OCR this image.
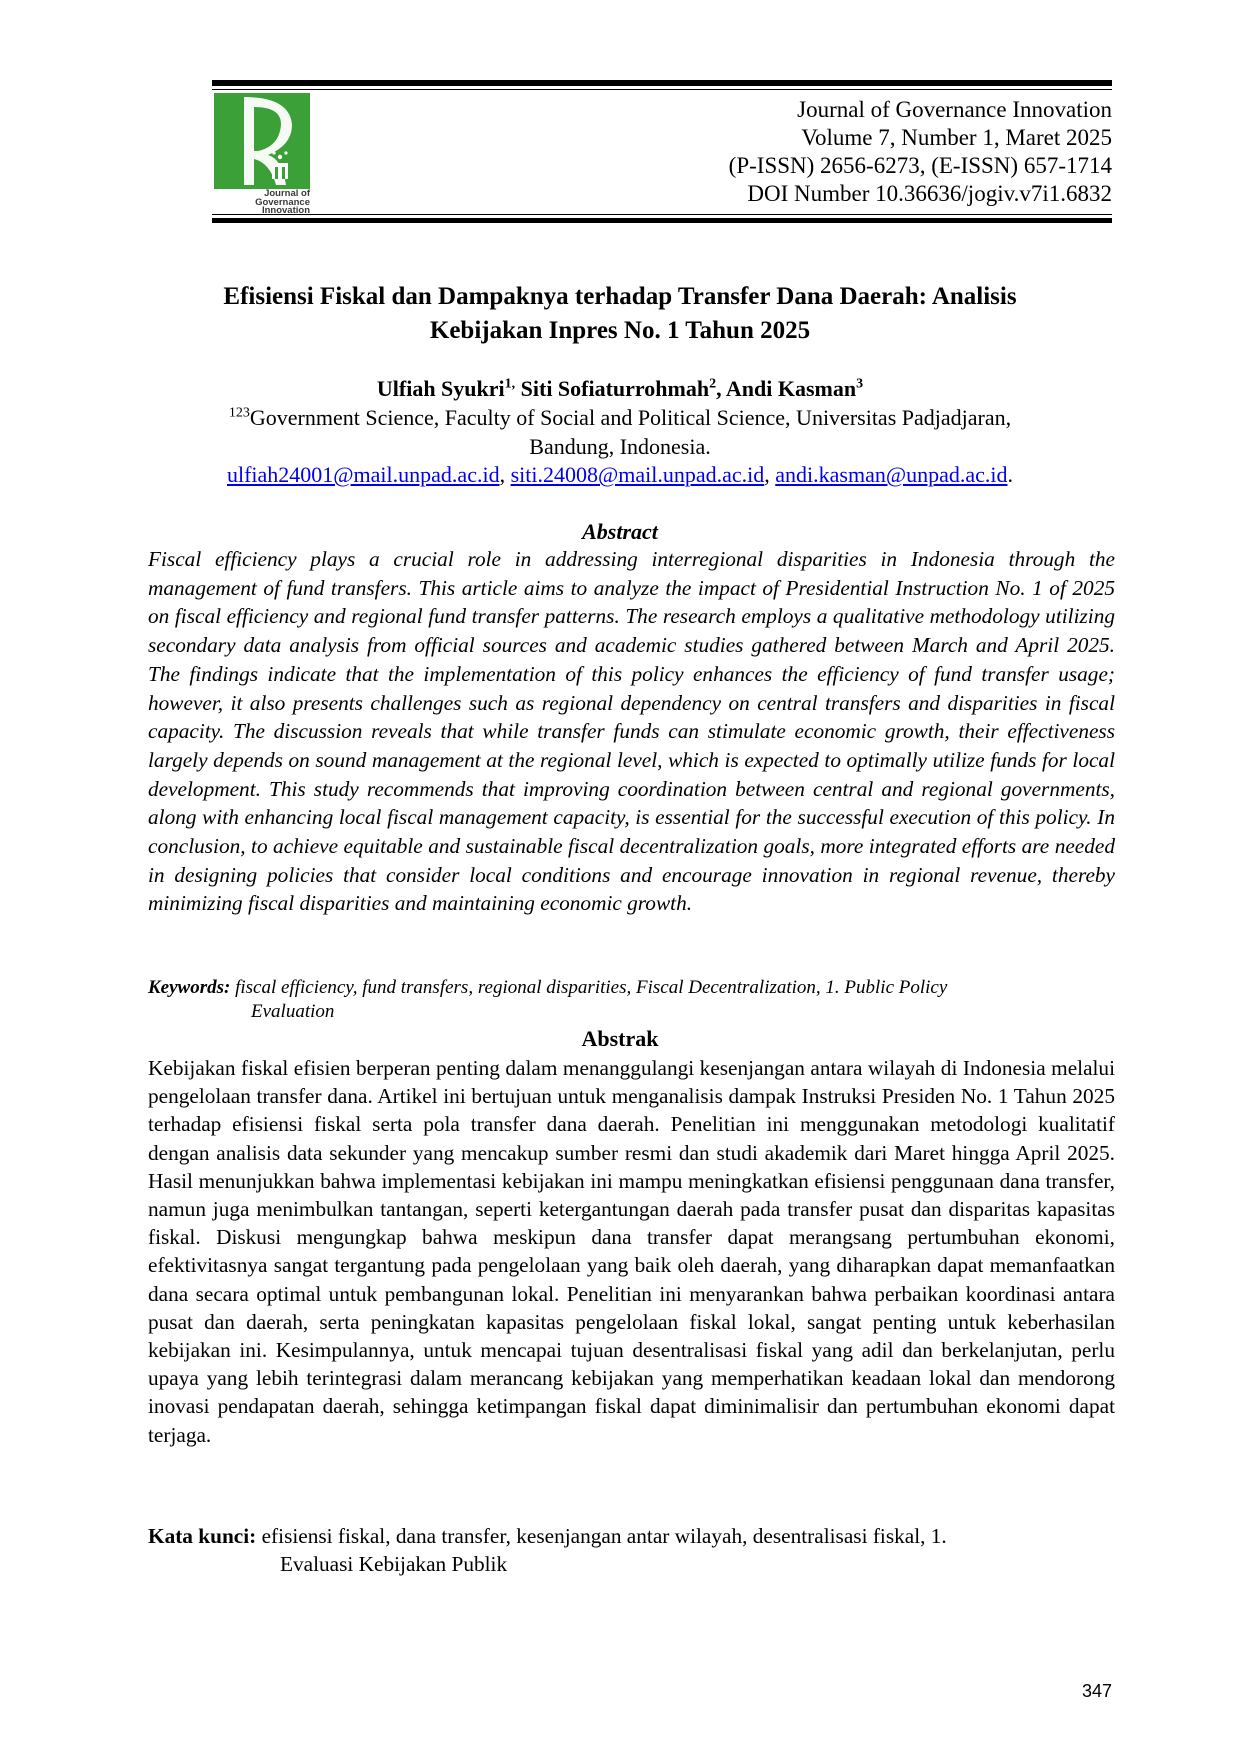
Journal of
Governance
Innovation
Journal of Governance Innovation
Volume 7, Number 1, Maret 2025
(P-ISSN) 2656-6273, (E-ISSN) 657-1714
DOI Number 10.36636/jogiv.v7i1.6832
Efisiensi Fiskal dan Dampaknya terhadap Transfer Dana Daerah: Analisis
Kebijakan Inpres No. 1 Tahun 2025
Ulfiah Syukri$^{1,}$ Siti Sofiaturrohmah$^2$, Andi Kasman$^3$
$^{123}$Government Science, Faculty of Social and Political Science, Universitas Padjadjaran,
Bandung, Indonesia.
ulfiah24001@mail.unpad.ac.id, siti.24008@mail.unpad.ac.id, andi.kasman@unpad.ac.id.
Abstract

Fiscal efficiency plays a crucial role in addressing interregional disparities in Indonesia through the management of fund transfers. This article aims to analyze the impact of Presidential Instruction No. 1 of 2025 on fiscal efficiency and regional fund transfer patterns. The research employs a qualitative methodology utilizing secondary data analysis from official sources and academic studies gathered between March and April 2025. The findings indicate that the implementation of this policy enhances the efficiency of fund transfer usage; however, it also presents challenges such as regional dependency on central transfers and disparities in fiscal capacity. The discussion reveals that while transfer funds can stimulate economic growth, their effectiveness largely depends on sound management at the regional level, which is expected to optimally utilize funds for local development. This study recommends that improving coordination between central and regional governments, along with enhancing local fiscal management capacity, is essential for the successful execution of this policy. In conclusion, to achieve equitable and sustainable fiscal decentralization goals, more integrated efforts are needed in designing policies that consider local conditions and encourage innovation in regional revenue, thereby minimizing fiscal disparities and maintaining economic growth.

Keywords: fiscal efficiency, fund transfers, regional disparities, Fiscal Decentralization, 1. Public Policy
Evaluation
Abstrak

Kebijakan fiskal efisien berperan penting dalam menanggulangi kesenjangan antara wilayah di Indonesia melalui pengelolaan transfer dana. Artikel ini bertujuan untuk menganalisis dampak Instruksi Presiden No. 1 Tahun 2025 terhadap efisiensi fiskal serta pola transfer dana daerah. Penelitian ini menggunakan metodologi kualitatif dengan analisis data sekunder yang mencakup sumber resmi dan studi akademik dari Maret hingga April 2025. Hasil menunjukkan bahwa implementasi kebijakan ini mampu meningkatkan efisiensi penggunaan dana transfer, namun juga menimbulkan tantangan, seperti ketergantungan daerah pada transfer pusat dan disparitas kapasitas fiskal. Diskusi mengungkap bahwa meskipun dana transfer dapat merangsang pertumbuhan ekonomi, efektivitasnya sangat tergantung pada pengelolaan yang baik oleh daerah, yang diharapkan dapat memanfaatkan dana secara optimal untuk pembangunan lokal. Penelitian ini menyarankan bahwa perbaikan koordinasi antara pusat dan daerah, serta peningkatan kapasitas pengelolaan fiskal lokal, sangat penting untuk keberhasilan kebijakan ini. Kesimpulannya, untuk mencapai tujuan desentralisasi fiskal yang adil dan berkelanjutan, perlu upaya yang lebih terintegrasi dalam merancang kebijakan yang memperhatikan keadaan lokal dan mendorong inovasi pendapatan daerah, sehingga ketimpangan fiskal dapat diminimalisir dan pertumbuhan ekonomi dapat terjaga.

Kata kunci: efisiensi fiskal, dana transfer, kesenjangan antar wilayah, desentralisasi fiskal, 1.
Evaluasi Kebijakan Publik
347
